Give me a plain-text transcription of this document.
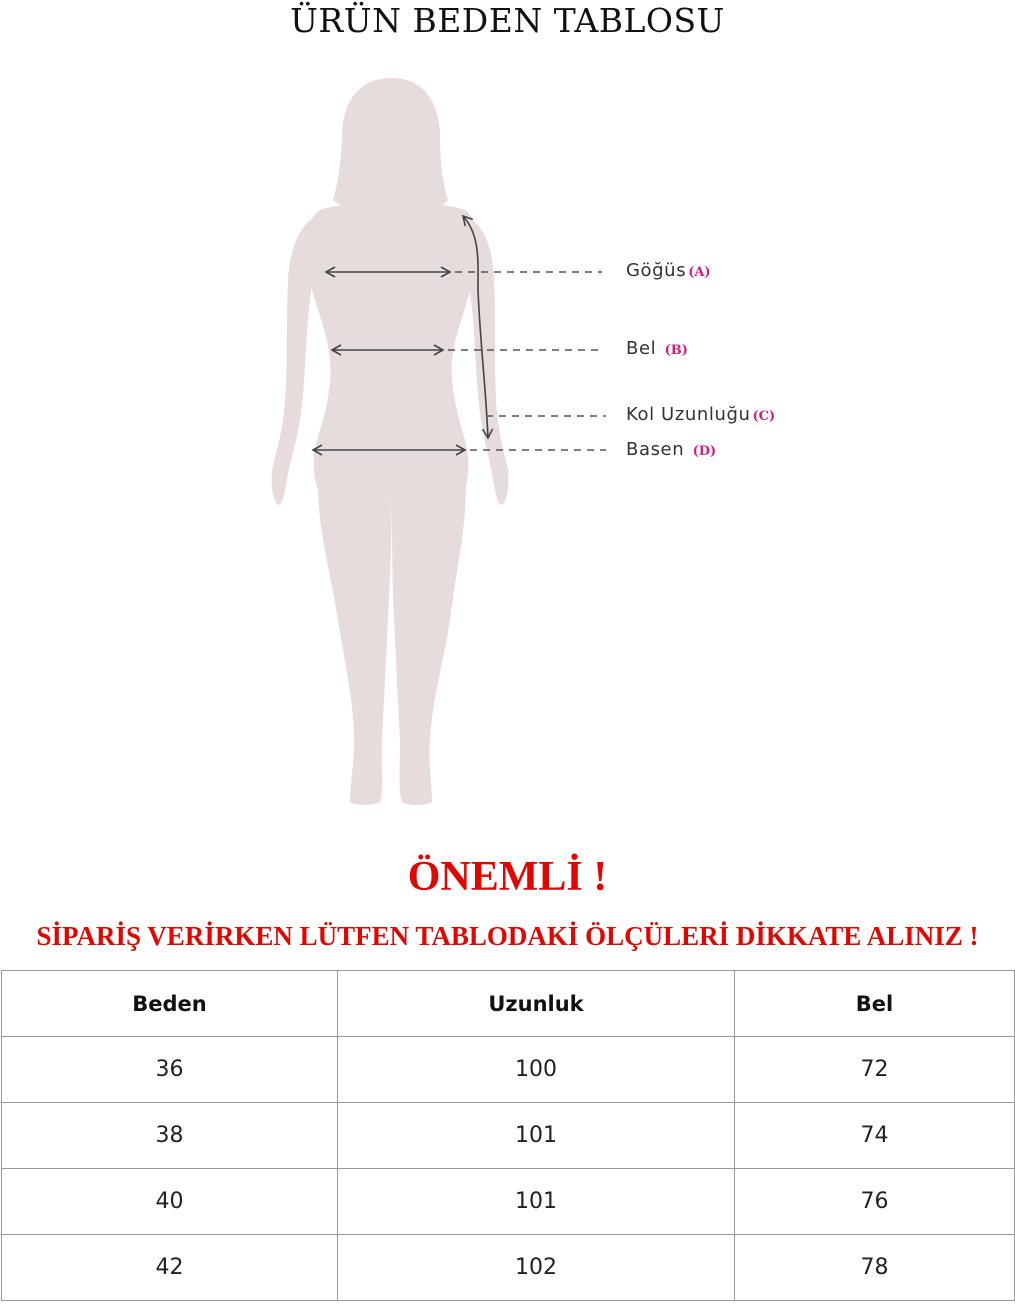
ÜRÜN BEDEN TABLOSU
Göğüs (A)
Bel (B)
Kol Uzunluğu (C)
Basen (D)
ÖNEMLİ !
SİPARİŞ VERİRKEN LÜTFEN TABLODAKİ ÖLÇÜLERİ DİKKATE ALINIZ !
Beden	Uzunluk	Bel
36	100	72
38	101	74
40	101	76
42	102	78
